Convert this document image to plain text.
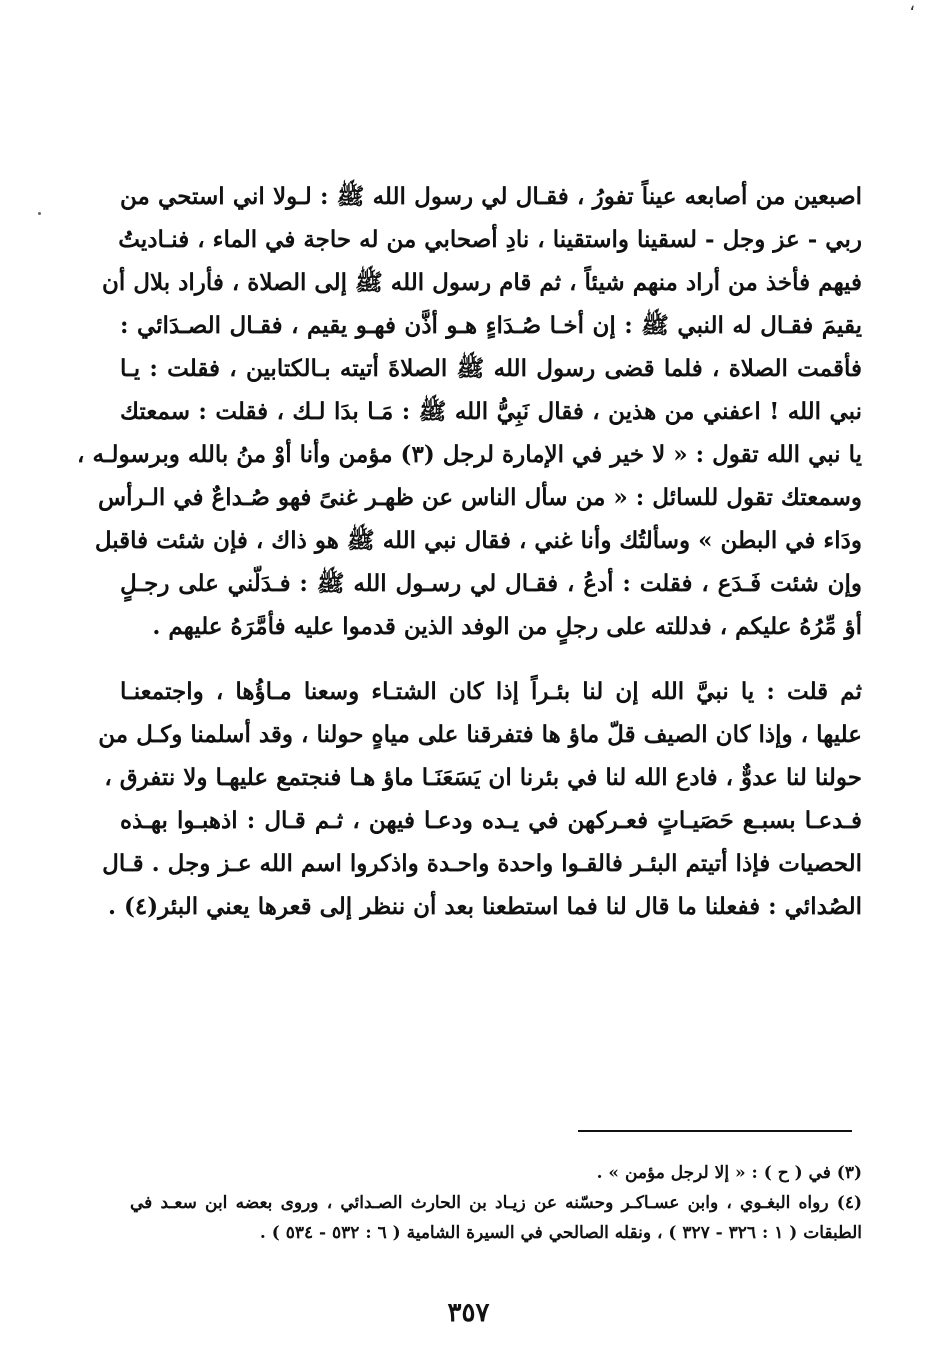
،
اصبعين من أصابعه عيناً تفورُ ، فقـال لي رسول الله ﷺ : لـولا اني استحي من
ربي - عز وجل - لسقينا واستقينا ، نادِ أصحابي من له حاجة في الماء ، فنـاديتُ
فيهم فأخذ من أراد منهم شيئاً ، ثم قام رسول الله ﷺ إلى الصلاة ، فأراد بلال أن
يقيمَ فقـال له النبي ﷺ : إن أخـا صُـدَاءٍ هـو أذَّن فهـو يقيم ، فقـال الصـدَائي :
فأقمت الصلاة ، فلما قضى رسول الله ﷺ الصلاةَ أتيته بـالكتابين ، فقلت : يـا
نبي الله ! اعفني من هذين ، فقال نَبِيُّ الله ﷺ : مَـا بدَا لـك ، فقلت : سمعتك
يا نبي الله تقول : « لا خير في الإمارة لرجل (٣) مؤمن وأنا أوْ منُ بالله وبرسولـه ،
وسمعتك تقول للسائل : « من سأل الناس عن ظهـر غنىً فهو صُـداعٌ في الـرأس
ودَاء في البطن » وسألتُك وأنا غني ، فقال نبي الله ﷺ هو ذاك ، فإن شئت فاقبل
وإن شئت فَـدَع ، فقلت : أدعُ ، فقـال لي رسـول الله ﷺ : فـدَلّني على رجـلٍ
أؤ مِّرُهُ عليكم ، فدللته على رجلٍ من الوفد الذين قدموا عليه فأمَّرَهُ عليهم .
ثم قلت : يا نبيَّ الله إن لنا بئـراً إذا كان الشتـاء وسعنا مـاؤُها ، واجتمعنـا
عليها ، وإذا كان الصيف قلّ ماؤ ها فتفرقنا على مياهٍ حولنا ، وقد أسلمنا وكـل من
حولنا لنا عدوٌّ ، فادع الله لنا في بئرنا ان يَسَعَنَـا ماؤ هـا فنجتمع عليهـا ولا نتفرق ،
فـدعـا بسبـع حَصَيـاتٍ فعـركهن في يـده ودعـا فيهن ، ثـم قـال : اذهبـوا بهـذه
الحصيات فإذا أتيتم البئـر فالقـوا واحدة واحـدة واذكروا اسم الله عـز وجل . قـال
الصُدائي : ففعلنا ما قال لنا فما استطعنا بعد أن ننظر إلى قعرها يعني البئر(٤) .
(٣) في ( ح ) : « إلا لرجل مؤمن » .
(٤) رواه البغـوي ، وابن عسـاكـر وحسّنه عن زيـاد بن الحارث الصـدائي ، وروى بعضه ابن سعـد في
الطبقات ( ١ : ٣٢٦ - ٣٢٧ ) ، ونقله الصالحي في السيرة الشامية ( ٦ : ٥٣٢ - ٥٣٤ ) .
٣٥٧
